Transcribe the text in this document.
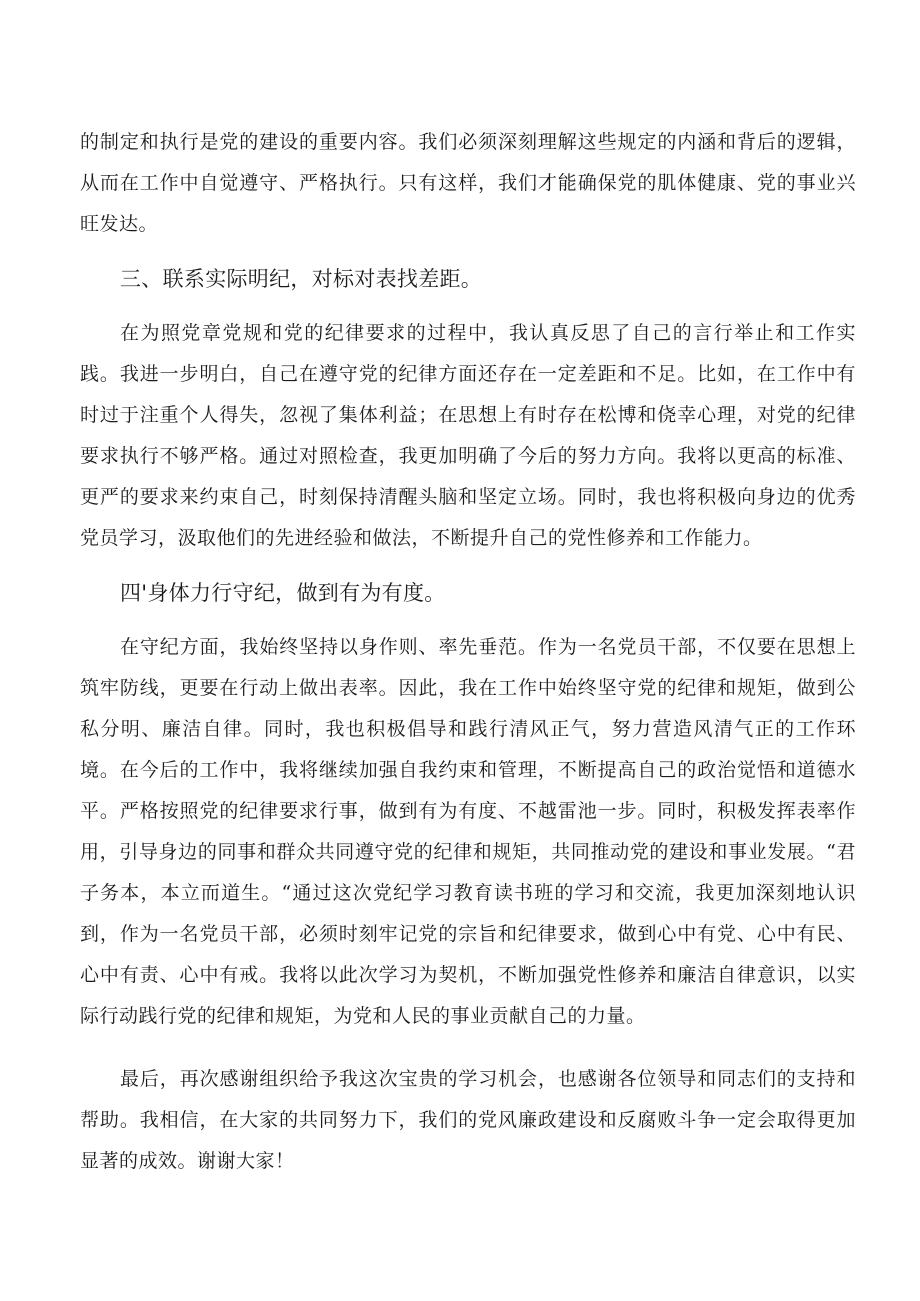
的制定和执行是党的建设的重要内容。我们必须深刻理解这些规定的内涵和背后的逻辑，从而在工作中自觉遵守、严格执行。只有这样，我们才能确保党的肌体健康、党的事业兴旺发达。

三、联系实际明纪，对标对表找差距。

在为照党章党规和党的纪律要求的过程中，我认真反思了自己的言行举止和工作实践。我进一步明白，自己在遵守党的纪律方面还存在一定差距和不足。比如，在工作中有时过于注重个人得失，忽视了集体利益；在思想上有时存在松博和侥幸心理，对党的纪律要求执行不够严格。通过对照检查，我更加明确了今后的努力方向。我将以更高的标准、更严的要求来约束自己，时刻保持清醒头脑和坚定立场。同时，我也将积极向身边的优秀党员学习，汲取他们的先进经验和做法，不断提升自己的党性修养和工作能力。

四'身体力行守纪，做到有为有度。

在守纪方面，我始终坚持以身作则、率先垂范。作为一名党员干部，不仅要在思想上筑牢防线，更要在行动上做出表率。因此，我在工作中始终坚守党的纪律和规矩，做到公私分明、廉洁自律。同时，我也积极倡导和践行清风正气，努力营造风清气正的工作环境。在今后的工作中，我将继续加强自我约束和管理，不断提高自己的政治觉悟和道德水平。严格按照党的纪律要求行事，做到有为有度、不越雷池一步。同时，积极发挥表率作用，引导身边的同事和群众共同遵守党的纪律和规矩，共同推动党的建设和事业发展。“君子务本，本立而道生。“通过这次党纪学习教育读书班的学习和交流，我更加深刻地认识到，作为一名党员干部，必须时刻牢记党的宗旨和纪律要求，做到心中有党、心中有民、心中有责、心中有戒。我将以此次学习为契机，不断加强党性修养和廉洁自律意识，以实际行动践行党的纪律和规矩，为党和人民的事业贡献自己的力量。

最后，再次感谢组织给予我这次宝贵的学习机会，也感谢各位领导和同志们的支持和帮助。我相信，在大家的共同努力下，我们的党风廉政建设和反腐败斗争一定会取得更加显著的成效。谢谢大家！
